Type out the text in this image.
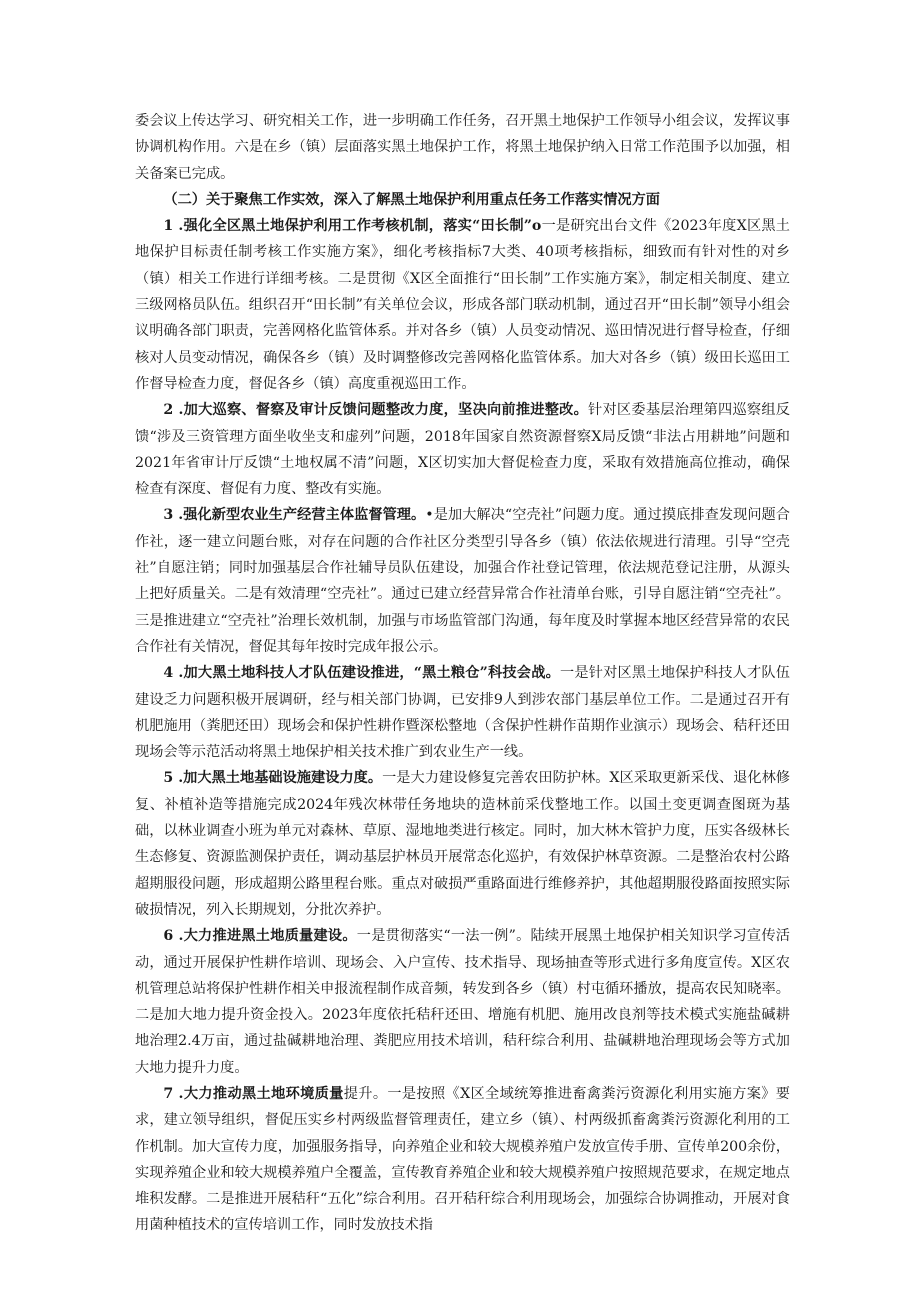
委会议上传达学习、研究相关工作，进一步明确工作任务，召开黑土地保护工作领导小组会议，发挥议事协调机构作用。六是在乡（镇）层面落实黑土地保护工作，将黑土地保护纳入日常工作范围予以加强，相关备案已完成。

（二）关于聚焦工作实效，深入了解黑土地保护利用重点任务工作落实情况方面

1 .强化全区黑土地保护利用工作考核机制，落实“田长制”o一是研究出台文件《2023年度X区黑土地保护目标责任制考核工作实施方案》，细化考核指标7大类、40项考核指标，细致而有针对性的对乡（镇）相关工作进行详细考核。二是贯彻《X区全面推行“田长制”工作实施方案》，制定相关制度、建立三级网格员队伍。组织召开“田长制”有关单位会议，形成各部门联动机制，通过召开“田长制”领导小组会议明确各部门职责，完善网格化监管体系。并对各乡（镇）人员变动情况、巡田情况进行督导检查，仔细核对人员变动情况，确保各乡（镇）及时调整修改完善网格化监管体系。加大对各乡（镇）级田长巡田工作督导检查力度，督促各乡（镇）高度重视巡田工作。

2 .加大巡察、督察及审计反馈问题整改力度，坚决向前推进整改。针对区委基层治理第四巡察组反馈“涉及三资管理方面坐收坐支和虚列”问题，2018年国家自然资源督察X局反馈“非法占用耕地”问题和2021年省审计厅反馈“土地权属不清”问题，X区切实加大督促检查力度，采取有效措施高位推动，确保检查有深度、督促有力度、整改有实施。

3 .强化新型农业生产经营主体监督管理。•是加大解决“空壳社”问题力度。通过摸底排查发现问题合作社，逐一建立问题台账，对存在问题的合作社区分类型引导各乡（镇）依法依规进行清理。引导“空壳社”自愿注销；同时加强基层合作社辅导员队伍建设，加强合作社登记管理，依法规范登记注册，从源头上把好质量关。二是有效清理“空壳社”。通过已建立经营异常合作社清单台账，引导自愿注销“空壳社”。三是推进建立“空壳社”治理长效机制，加强与市场监管部门沟通，每年度及时掌握本地区经营异常的农民合作社有关情况，督促其每年按时完成年报公示。

4 .加大黑土地科技人才队伍建设推进，“黑土粮仓”科技会战。一是针对区黑土地保护科技人才队伍建设乏力问题积极开展调研，经与相关部门协调，已安排9人到涉农部门基层单位工作。二是通过召开有机肥施用（粪肥还田）现场会和保护性耕作暨深松整地（含保护性耕作苗期作业演示）现场会、秸秆还田现场会等示范活动将黑土地保护相关技术推广到农业生产一线。

5 .加大黑土地基础设施建设力度。一是大力建设修复完善农田防护林。X区采取更新采伐、退化林修复、补植补造等措施完成2024年残次林带任务地块的造林前采伐整地工作。以国土变更调查图斑为基础，以林业调查小班为单元对森林、草原、湿地地类进行核定。同时，加大林木管护力度，压实各级林长生态修复、资源监测保护责任，调动基层护林员开展常态化巡护，有效保护林草资源。二是整治农村公路超期服役问题，形成超期公路里程台账。重点对破损严重路面进行维修养护，其他超期服役路面按照实际破损情况，列入长期规划，分批次养护。

6 .大力推进黑土地质量建设。一是贯彻落实“一法一例”。陆续开展黑土地保护相关知识学习宣传活动，通过开展保护性耕作培训、现场会、入户宣传、技术指导、现场抽查等形式进行多角度宣传。X区农机管理总站将保护性耕作相关申报流程制作成音频，转发到各乡（镇）村屯循环播放，提高农民知晓率。二是加大地力提升资金投入。2023年度依托秸秆还田、增施有机肥、施用改良剂等技术模式实施盐碱耕地治理2.4万亩，通过盐碱耕地治理、粪肥应用技术培训，秸秆综合利用、盐碱耕地治理现场会等方式加大地力提升力度。

7 .大力推动黑土地环境质量提升。一是按照《X区全域统筹推进畜禽粪污资源化利用实施方案》要求，建立领导组织，督促压实乡村两级监督管理责任，建立乡（镇）、村两级抓畜禽粪污资源化利用的工作机制。加大宣传力度，加强服务指导，向养殖企业和较大规模养殖户发放宣传手册、宣传单200余份，实现养殖企业和较大规模养殖户全覆盖，宣传教育养殖企业和较大规模养殖户按照规范要求，在规定地点堆积发酵。二是推进开展秸秆“五化”综合利用。召开秸秆综合利用现场会，加强综合协调推动，开展对食用菌种植技术的宣传培训工作，同时发放技术指
